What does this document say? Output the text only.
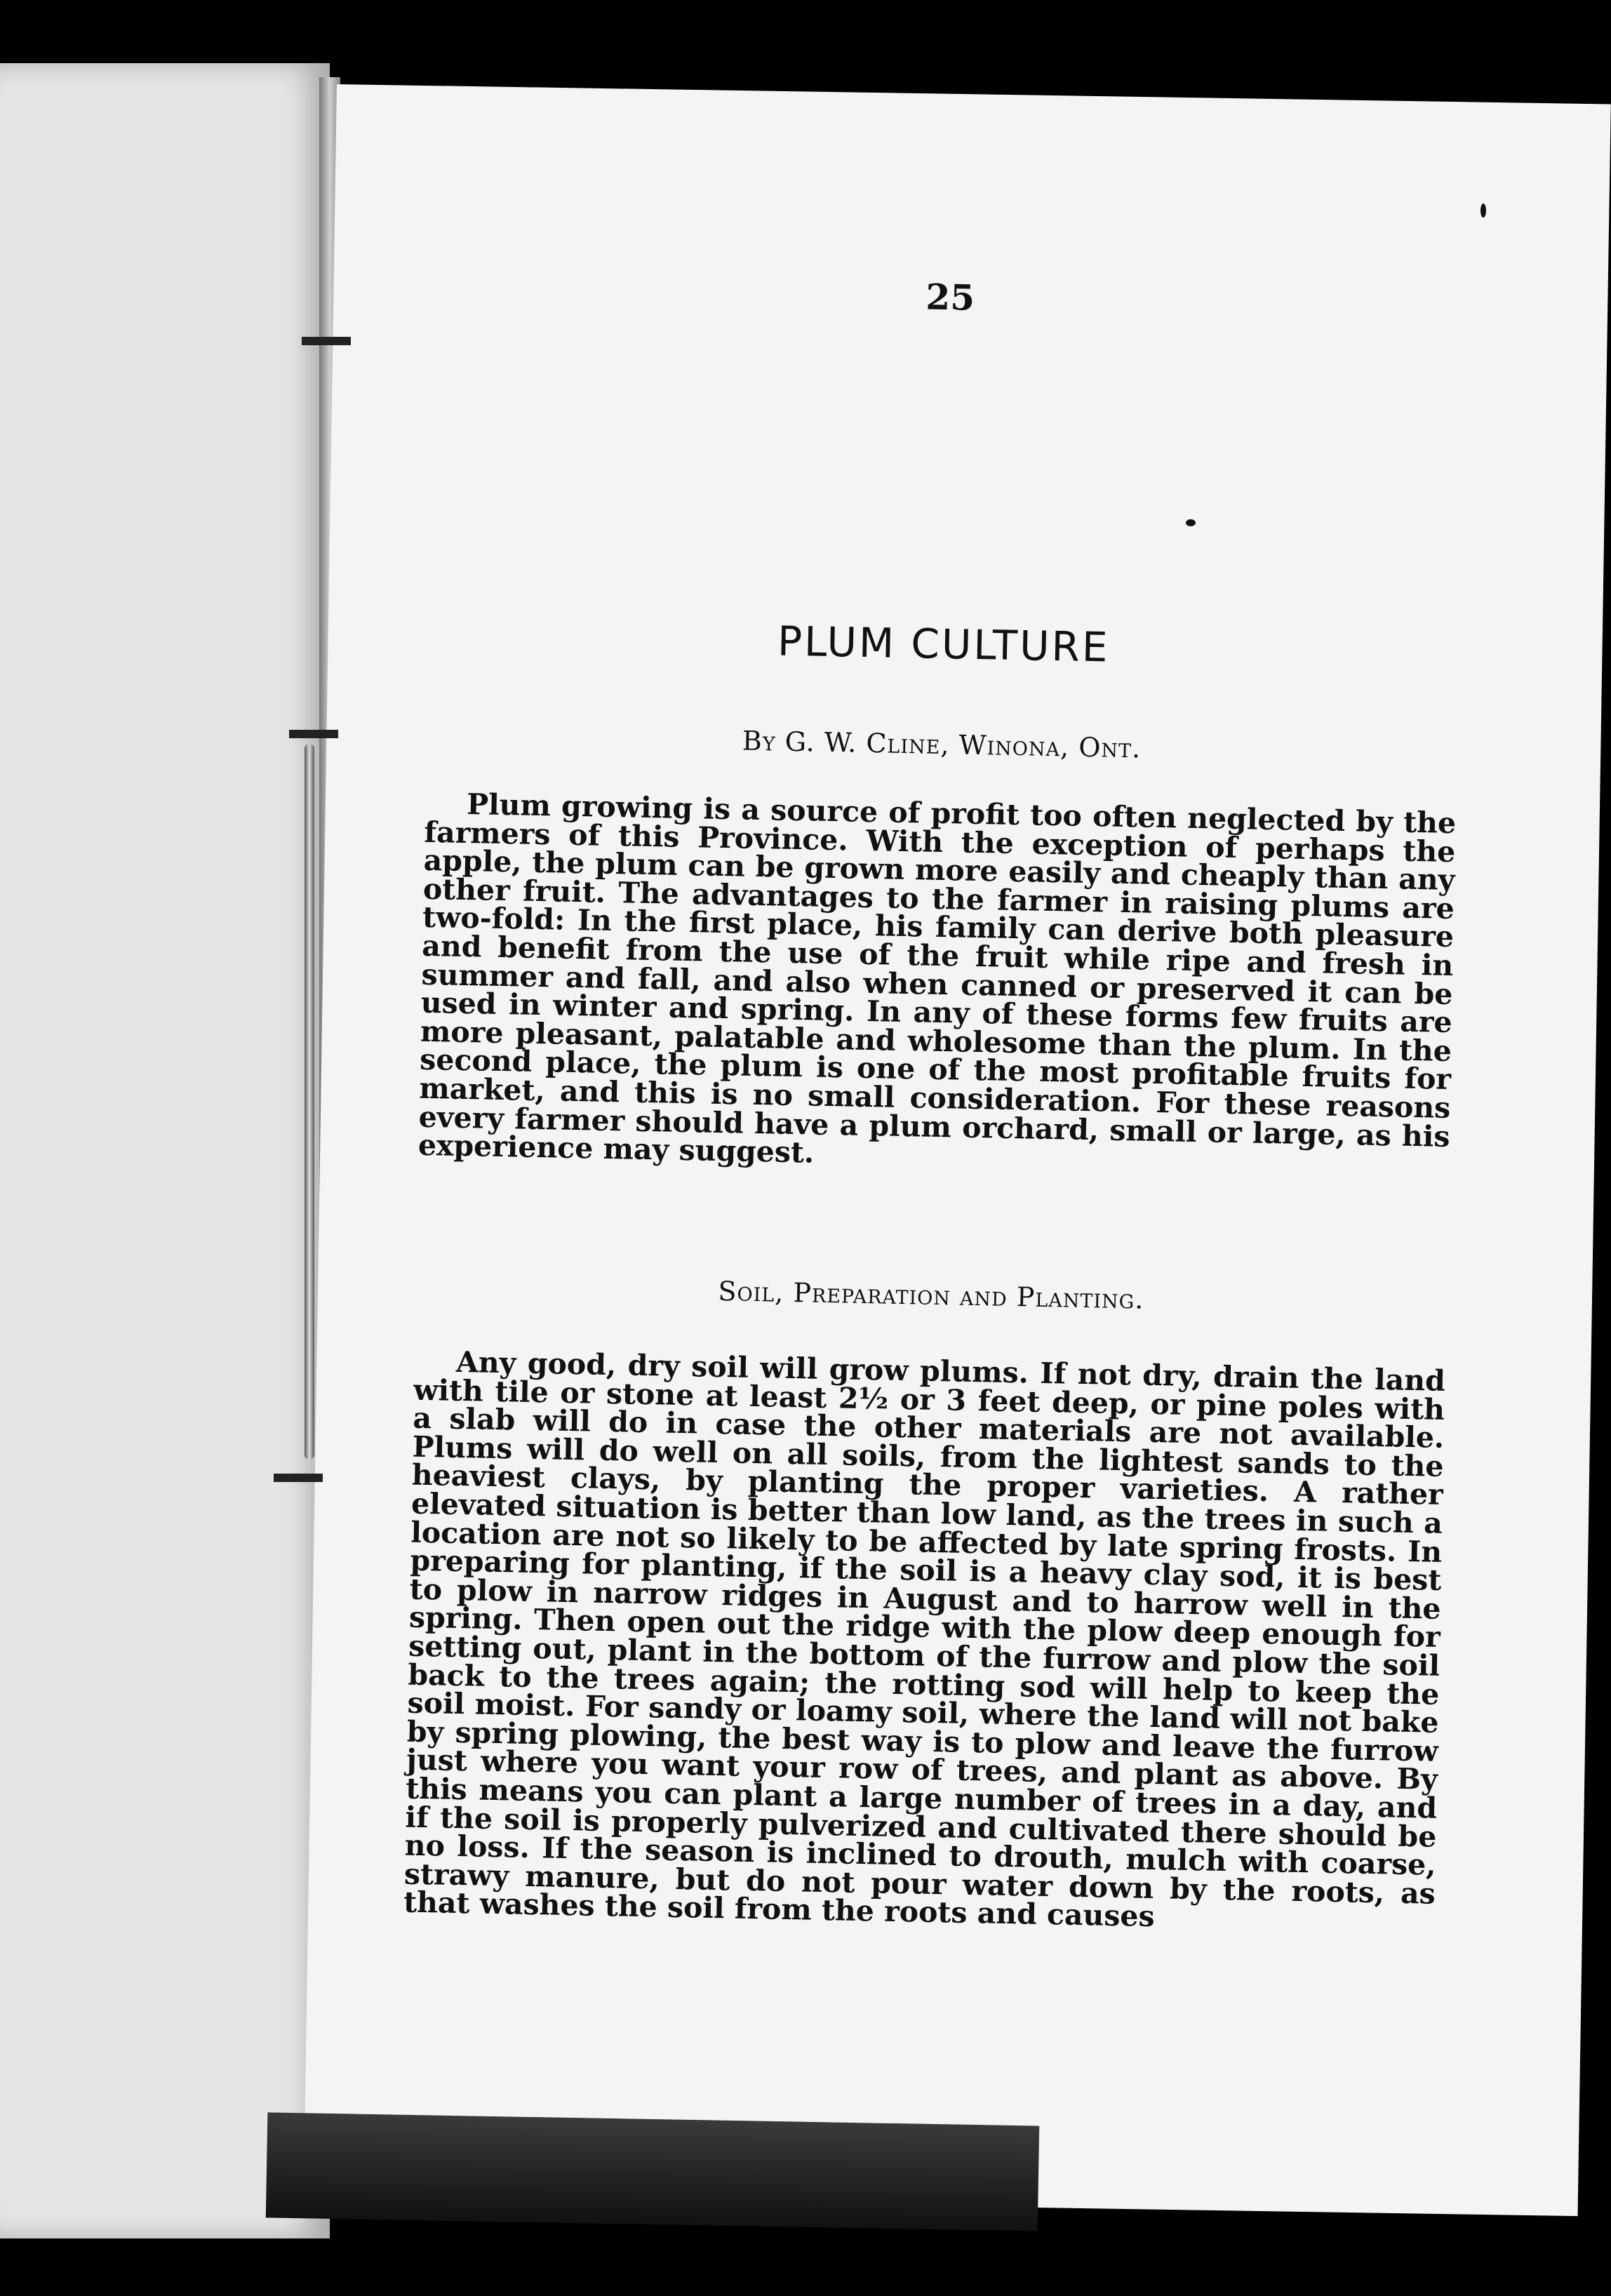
25
PLUM CULTURE
By G. W. Cline, Winona, Ont.

Plum growing is a source of profit too often neglected by the farmers of this Province. With the exception of perhaps the apple, the plum can be grown more easily and cheaply than any other fruit. The advantages to the farmer in raising plums are two-fold: In the first place, his family can derive both pleasure and benefit from the use of the fruit while ripe and fresh in summer and fall, and also when canned or preserved it can be used in winter and spring. In any of these forms few fruits are more pleasant, palatable and wholesome than the plum. In the second place, the plum is one of the most profitable fruits for market, and this is no small consideration. For these reasons every farmer should have a plum orchard, small or large, as his experience may suggest.

Soil, Preparation and Planting.

Any good, dry soil will grow plums. If not dry, drain the land with tile or stone at least 2½ or 3 feet deep, or pine poles with a slab will do in case the other materials are not available. Plums will do well on all soils, from the lightest sands to the heaviest clays, by planting the proper varieties. A rather elevated situation is better than low land, as the trees in such a location are not so likely to be affected by late spring frosts. In preparing for planting, if the soil is a heavy clay sod, it is best to plow in narrow ridges in August and to harrow well in the spring. Then open out the ridge with the plow deep enough for setting out, plant in the bottom of the furrow and plow the soil back to the trees again; the rotting sod will help to keep the soil moist. For sandy or loamy soil, where the land will not bake by spring plowing, the best way is to plow and leave the furrow just where you want your row of trees, and plant as above. By this means you can plant a large number of trees in a day, and if the soil is properly pulverized and cultivated there should be no loss. If the season is inclined to drouth, mulch with coarse, strawy manure, but do not pour water down by the roots, as that washes the soil from the roots and causes
